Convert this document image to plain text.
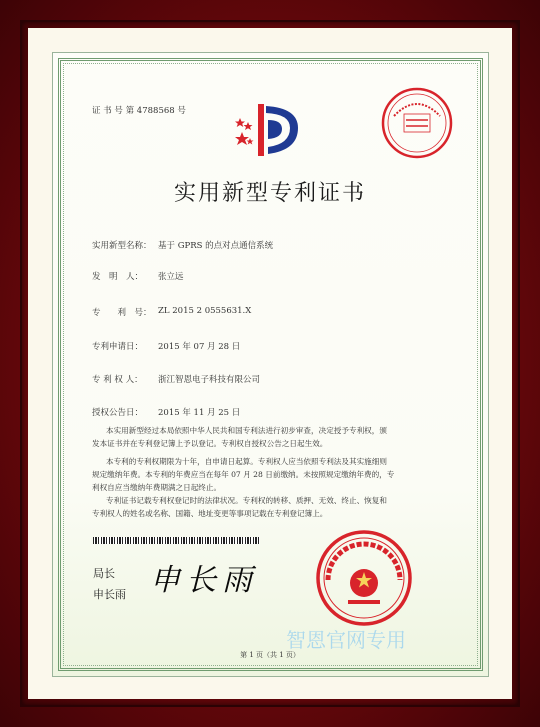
证 书 号 第 4788568 号
实用新型专利证书
实用新型名称： 基于 GPRS 的点对点通信系统
发　明　人： 张立远
专　　利　号： ZL 2015 2 0555631.X
专利申请日： 2015 年 07 月 28 日
专 利 权 人： 浙江智恩电子科技有限公司
授权公告日： 2015 年 11 月 25 日
本实用新型经过本局依照中华人民共和国专利法进行初步审查，决定授予专利权，颁
发本证书并在专利登记簿上予以登记。专利权自授权公告之日起生效。
本专利的专利权期限为十年，自申请日起算。专利权人应当依照专利法及其实施细则
规定缴纳年费。本专利的年费应当在每年 07 月 28 日前缴纳。未按照规定缴纳年费的，专
利权自应当缴纳年费期满之日起终止。
专利证书记载专利权登记时的法律状况。专利权的转移、质押、无效、终止、恢复和
专利权人的姓名或名称、国籍、地址变更等事项记载在专利登记簿上。
局长
申长雨 申长雨
智恩官网专用
第 1 页（共 1 页）
